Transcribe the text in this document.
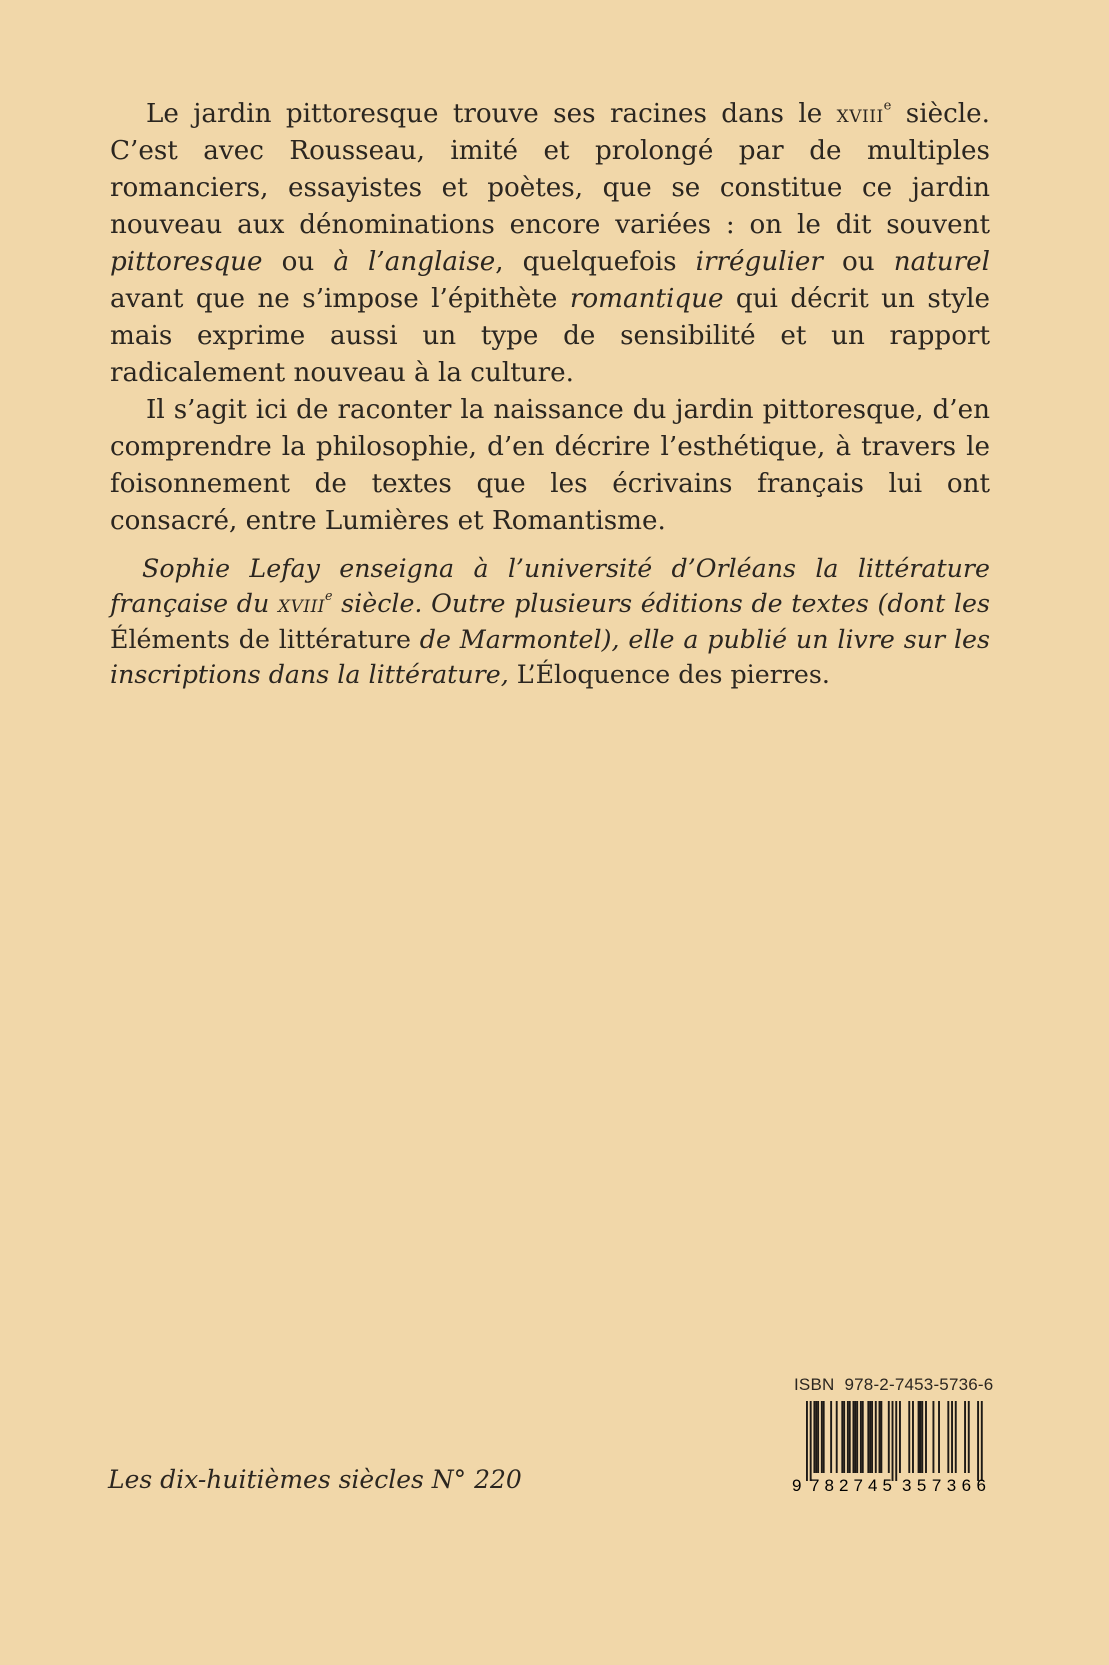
Le jardin pittoresque trouve ses racines dans le xviii$^e$ siècle. C’est avec Rousseau, imité et prolongé par de multiples romanciers, essayistes et poètes, que se constitue ce jardin nouveau aux dénominations encore variées : on le dit souvent pittoresque ou à l’anglaise, quelquefois irrégulier ou naturel avant que ne s’impose l’épithète romantique qui décrit un style mais exprime aussi un type de sensibilité et un rapport radicalement nouveau à la culture.

Il s’agit ici de raconter la naissance du jardin pittoresque, d’en comprendre la philosophie, d’en décrire l’esthétique, à travers le foisonnement de textes que les écrivains français lui ont consacré, entre Lumières et Romantisme.

Sophie Lefay enseigna à l’université d’Orléans la littérature française du xviii$^e$ siècle. Outre plusieurs éditions de textes (dont les Éléments de littérature de Marmontel), elle a publié un livre sur les inscriptions dans la littérature, L’Éloquence des pierres.

Les dix-huitièmes siècles N° 220
ISBN 978-2-7453-5736-6
9 782745 357366
